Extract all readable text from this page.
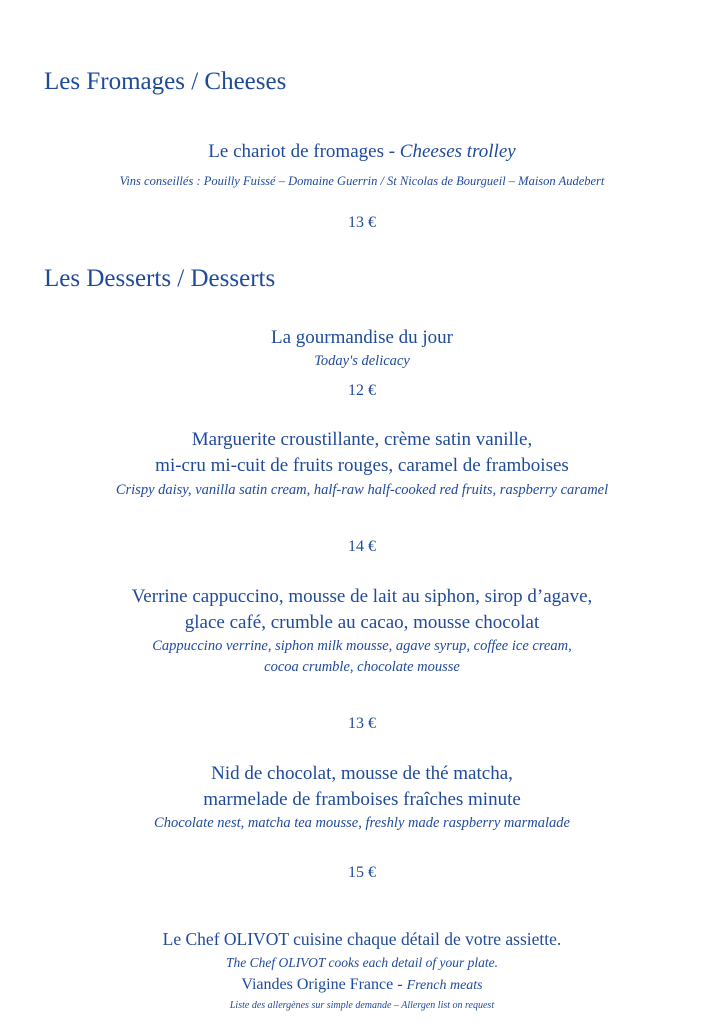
Les Fromages / Cheeses
Le chariot de fromages - Cheeses trolley
Vins conseillés : Pouilly Fuissé – Domaine Guerrin / St Nicolas de Bourgueil – Maison Audebert
13 €
Les Desserts / Desserts
La gourmandise du jour
Today's delicacy
12 €
Marguerite croustillante, crème satin vanille,
mi-cru mi-cuit de fruits rouges, caramel de framboises
Crispy daisy, vanilla satin cream, half-raw half-cooked red fruits, raspberry caramel
14 €
Verrine cappuccino, mousse de lait au siphon, sirop d’agave,
glace café, crumble au cacao, mousse chocolat
Cappuccino verrine, siphon milk mousse, agave syrup, coffee ice cream,
cocoa crumble, chocolate mousse
13 €
Nid de chocolat, mousse de thé matcha,
marmelade de framboises fraîches minute
Chocolate nest, matcha tea mousse, freshly made raspberry marmalade
15 €
Le Chef OLIVOT cuisine chaque détail de votre assiette.
The Chef OLIVOT cooks each detail of your plate.
Viandes Origine France - French meats
Liste des allergènes sur simple demande – Allergen list on request
